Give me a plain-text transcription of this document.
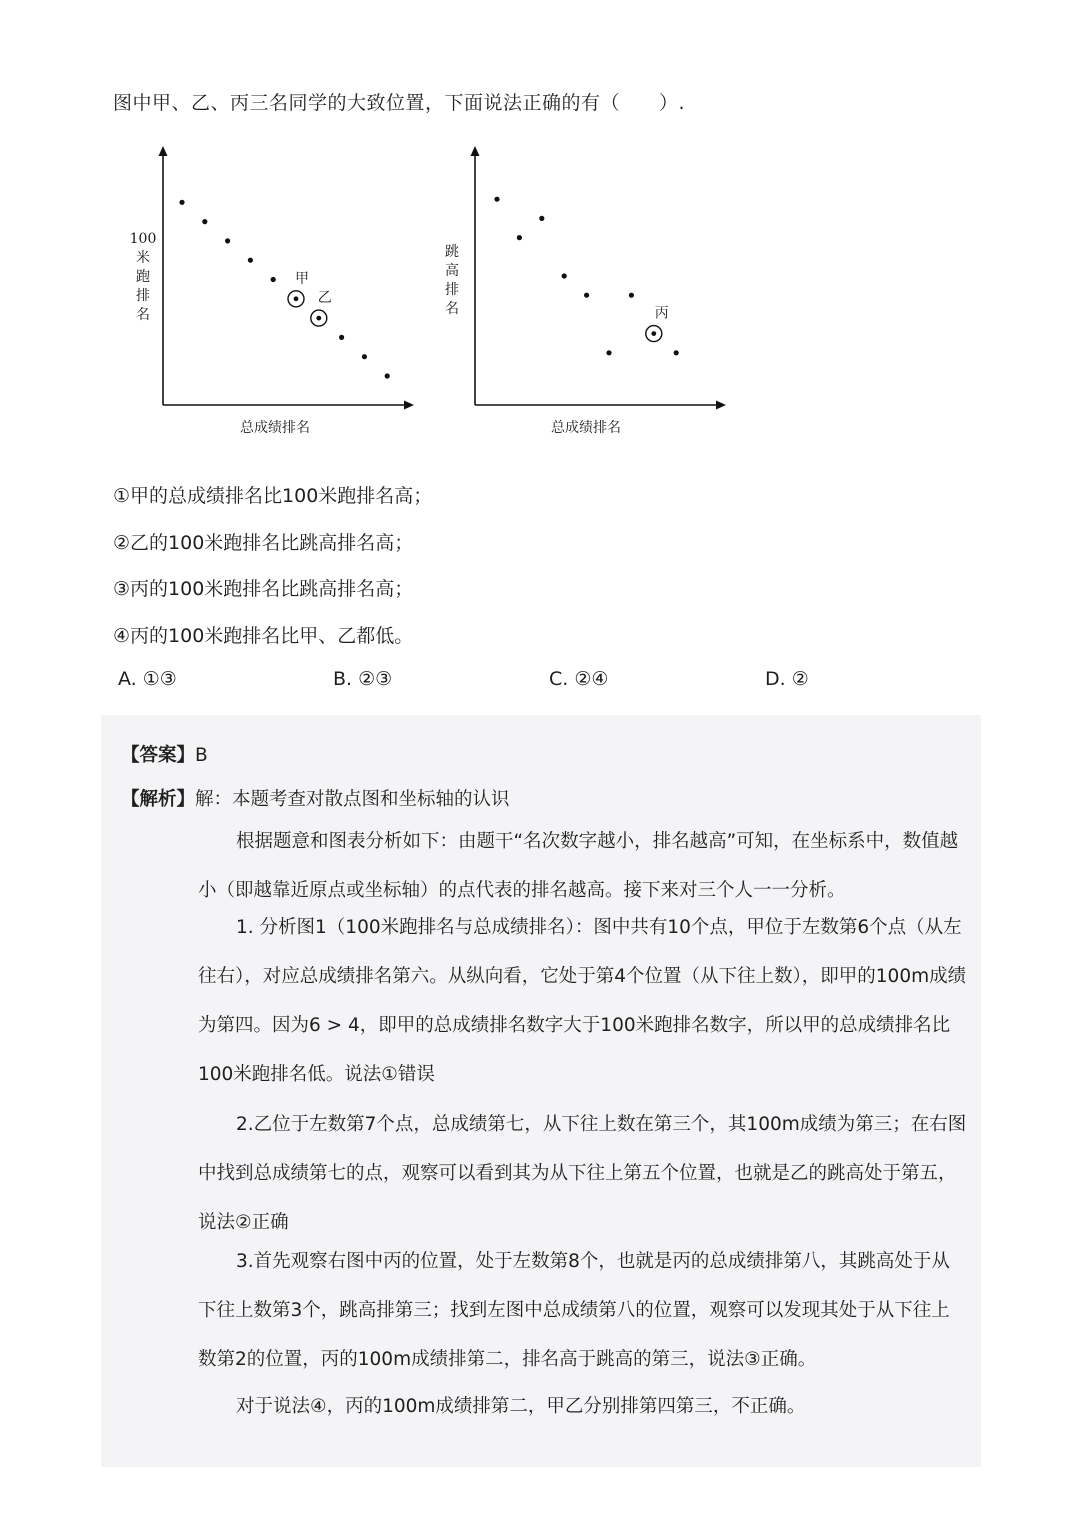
图中甲、乙、丙三名同学的大致位置，下面说法正确的有（　　）.
100
米
跑
排
名
总成绩排名
甲
乙
跳
高
排
名
总成绩排名
丙
①甲的总成绩排名比100米跑排名高；
②乙的100米跑排名比跳高排名高；
③丙的100米跑排名比跳高排名高；
④丙的100米跑排名比甲、乙都低。
A. ①③	B. ②③	C. ②④	D. ②
【答案】B
【解析】解：本题考查对散点图和坐标轴的认识
根据题意和图表分析如下：由题干“名次数字越小，排名越高”可知，在坐标系中，数值越小（即越靠近原点或坐标轴）的点代表的排名越高。接下来对三个人一一分析。
1. 分析图1（100米跑排名与总成绩排名）：图中共有10个点，甲位于左数第6个点（从左往右），对应总成绩排名第六。从纵向看，它处于第4个位置（从下往上数），即甲的100m成绩为第四。因为6 > 4，即甲的总成绩排名数字大于100米跑排名数字，所以甲的总成绩排名比100米跑排名低。说法①错误
2.乙位于左数第7个点，总成绩第七，从下往上数在第三个，其100m成绩为第三；在右图中找到总成绩第七的点，观察可以看到其为从下往上第五个位置，也就是乙的跳高处于第五，说法②正确
3.首先观察右图中丙的位置，处于左数第8个，也就是丙的总成绩排第八，其跳高处于从下往上数第3个，跳高排第三；找到左图中总成绩第八的位置，观察可以发现其处于从下往上数第2的位置，丙的100m成绩排第二，排名高于跳高的第三，说法③正确。
对于说法④，丙的100m成绩排第二，甲乙分别排第四第三，不正确。
